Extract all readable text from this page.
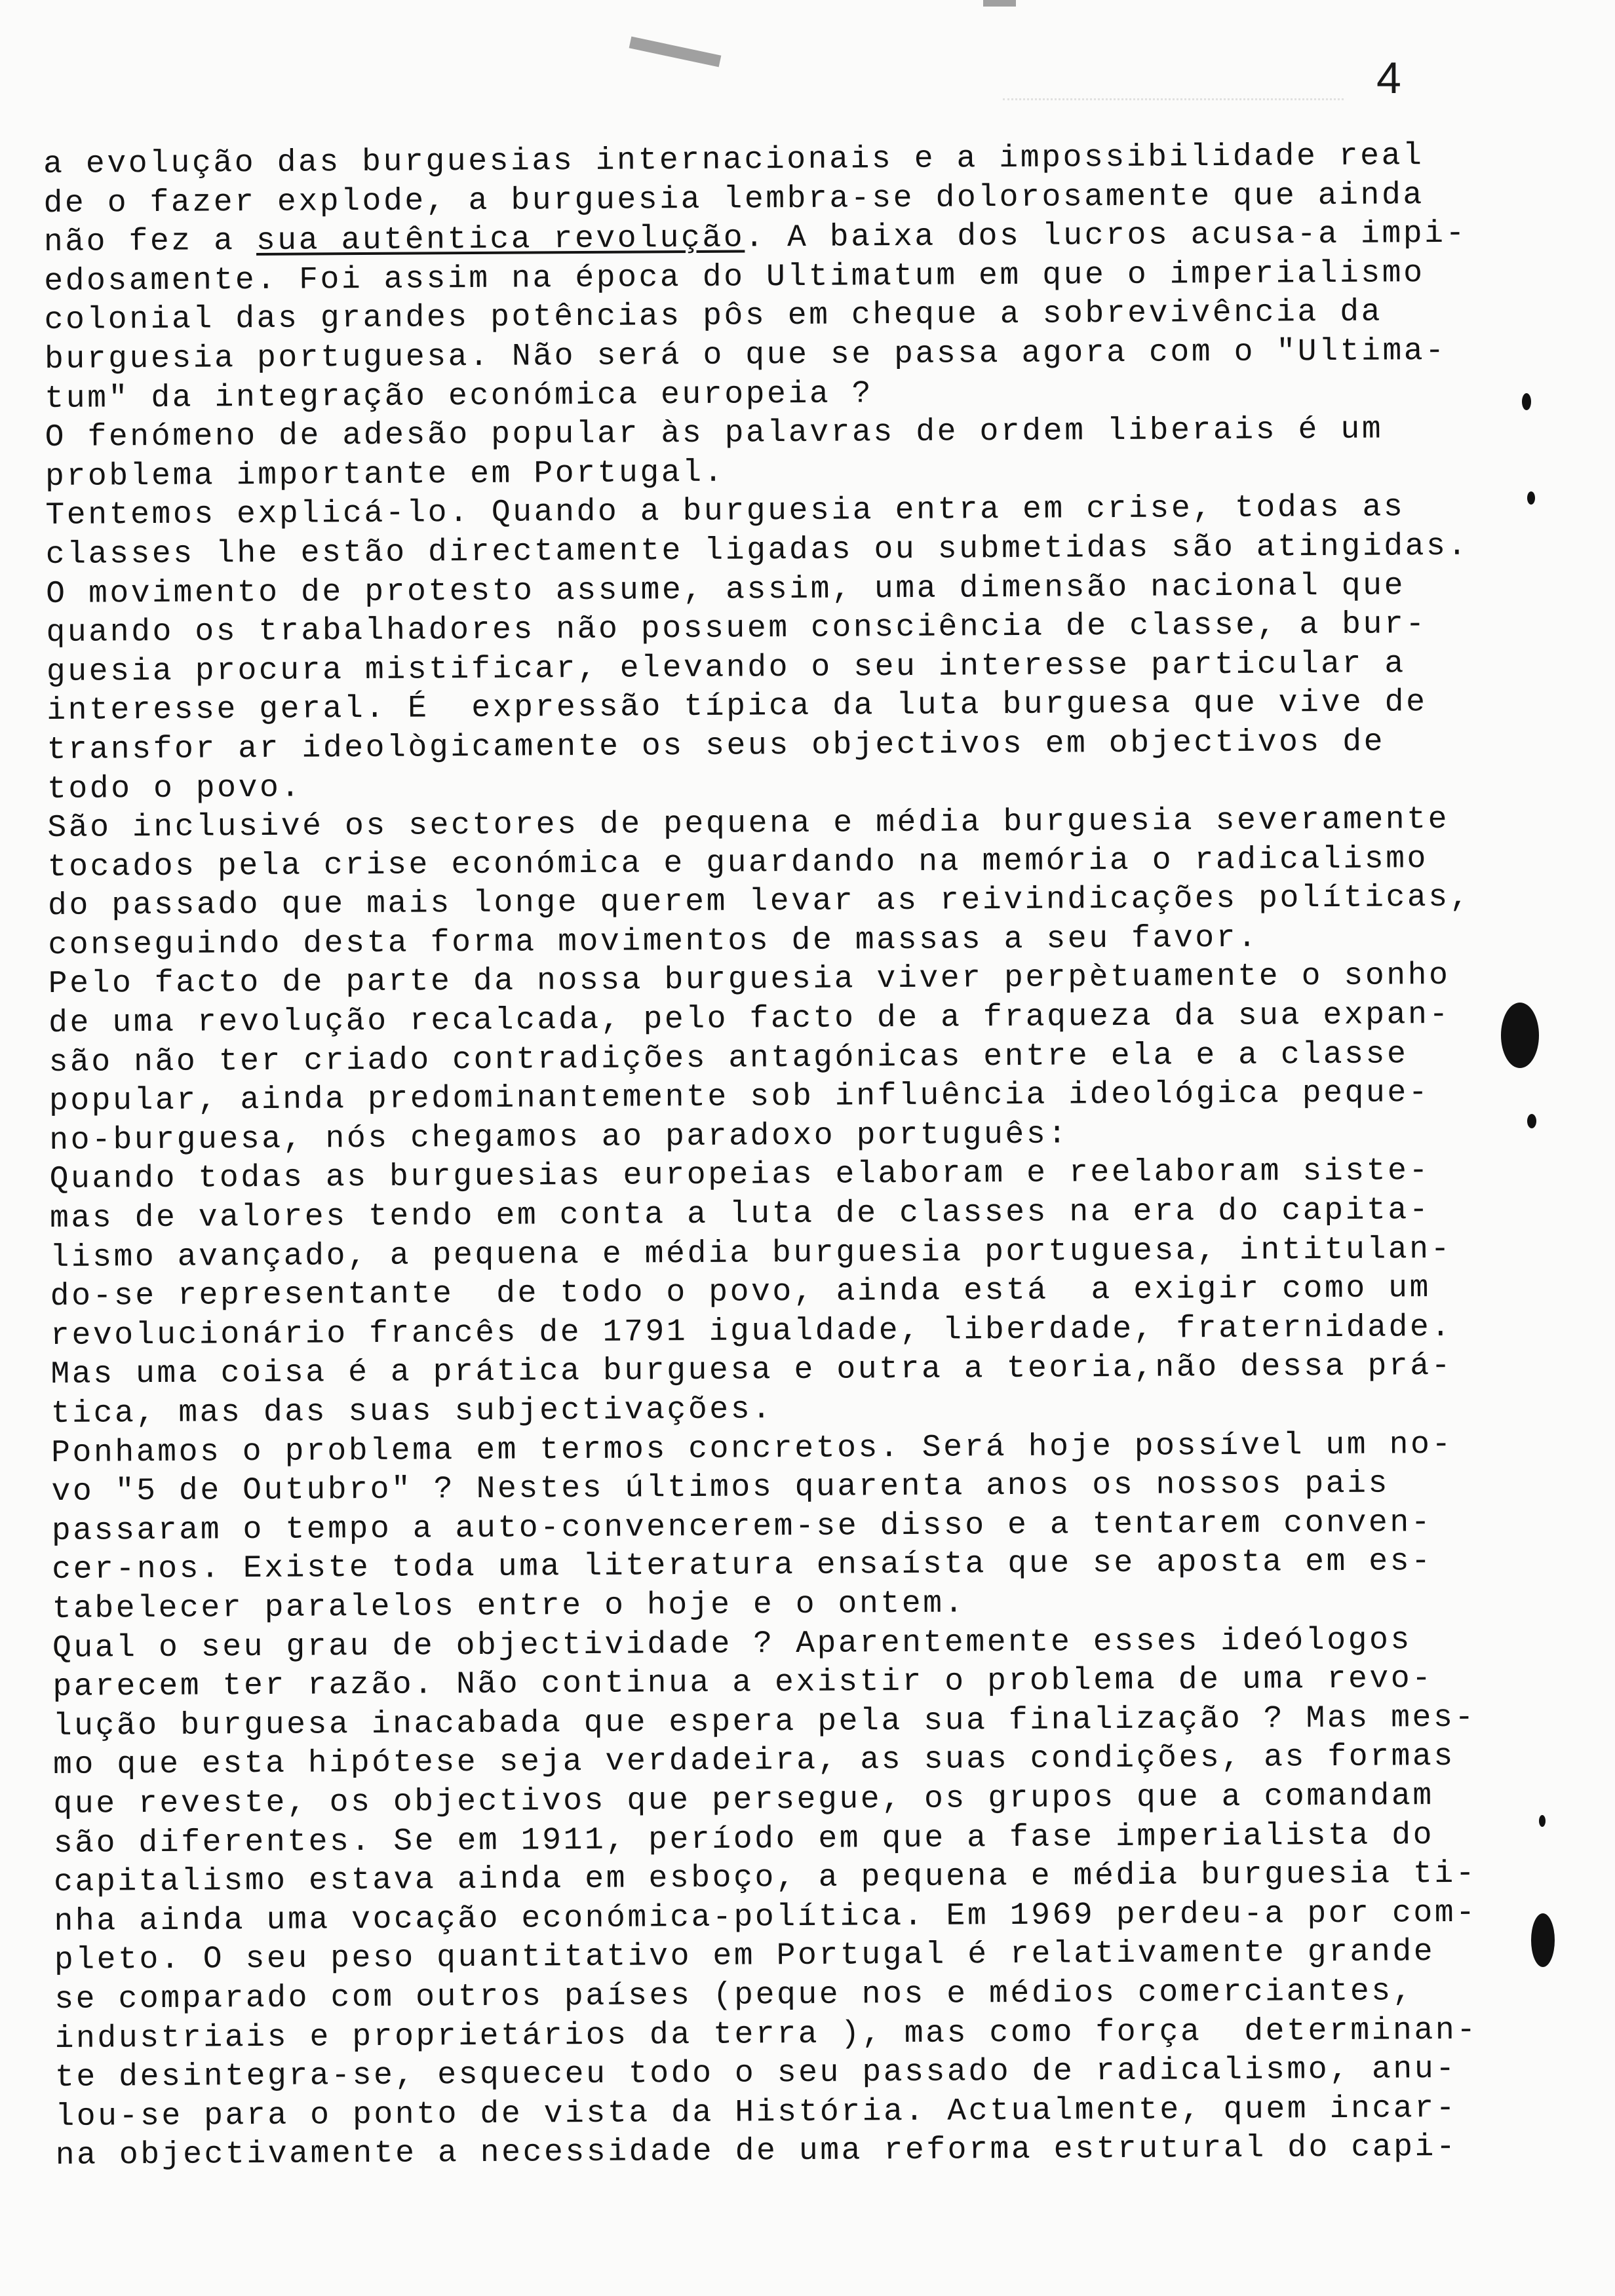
4
a evolução das burguesias internacionais e a impossibilidade real
de o fazer explode, a burguesia lembra-se dolorosamente que ainda
não fez a sua autêntica revolução. A baixa dos lucros acusa-a impi-
edosamente. Foi assim na época do Ultimatum em que o imperialismo
colonial das grandes potências pôs em cheque a sobrevivência da
burguesia portuguesa. Não será o que se passa agora com o "Ultima-
tum" da integração económica europeia ?
O fenómeno de adesão popular às palavras de ordem liberais é um
problema importante em Portugal.
Tentemos explicá-lo. Quando a burguesia entra em crise, todas as
classes lhe estão directamente ligadas ou submetidas são atingidas.
O movimento de protesto assume, assim, uma dimensão nacional que
quando os trabalhadores não possuem consciência de classe, a bur-
guesia procura mistificar, elevando o seu interesse particular a
interesse geral. É  expressão típica da luta burguesa que vive de
transfor ar ideològicamente os seus objectivos em objectivos de
todo o povo.
São inclusivé os sectores de pequena e média burguesia severamente
tocados pela crise económica e guardando na memória o radicalismo
do passado que mais longe querem levar as reivindicações políticas,
conseguindo desta forma movimentos de massas a seu favor.
Pelo facto de parte da nossa burguesia viver perpètuamente o sonho
de uma revolução recalcada, pelo facto de a fraqueza da sua expan-
são não ter criado contradições antagónicas entre ela e a classe
popular, ainda predominantemente sob influência ideológica peque-
no-burguesa, nós chegamos ao paradoxo português:
Quando todas as burguesias europeias elaboram e reelaboram siste-
mas de valores tendo em conta a luta de classes na era do capita-
lismo avançado, a pequena e média burguesia portuguesa, intitulan-
do-se representante  de todo o povo, ainda está  a exigir como um
revolucionário francês de 1791 igualdade, liberdade, fraternidade.
Mas uma coisa é a prática burguesa e outra a teoria,não dessa prá-
tica, mas das suas subjectivações.
Ponhamos o problema em termos concretos. Será hoje possível um no-
vo "5 de Outubro" ? Nestes últimos quarenta anos os nossos pais
passaram o tempo a auto-convencerem-se disso e a tentarem conven-
cer-nos. Existe toda uma literatura ensaísta que se aposta em es-
tabelecer paralelos entre o hoje e o ontem.
Qual o seu grau de objectividade ? Aparentemente esses ideólogos
parecem ter razão. Não continua a existir o problema de uma revo-
lução burguesa inacabada que espera pela sua finalização ? Mas mes-
mo que esta hipótese seja verdadeira, as suas condições, as formas
que reveste, os objectivos que persegue, os grupos que a comandam
são diferentes. Se em 1911, período em que a fase imperialista do
capitalismo estava ainda em esboço, a pequena e média burguesia ti-
nha ainda uma vocação económica-política. Em 1969 perdeu-a por com-
pleto. O seu peso quantitativo em Portugal é relativamente grande
se comparado com outros países (peque nos e médios comerciantes,
industriais e proprietários da terra ), mas como força  determinan-
te desintegra-se, esqueceu todo o seu passado de radicalismo, anu-
lou-se para o ponto de vista da História. Actualmente, quem incar-
na objectivamente a necessidade de uma reforma estrutural do capi-
